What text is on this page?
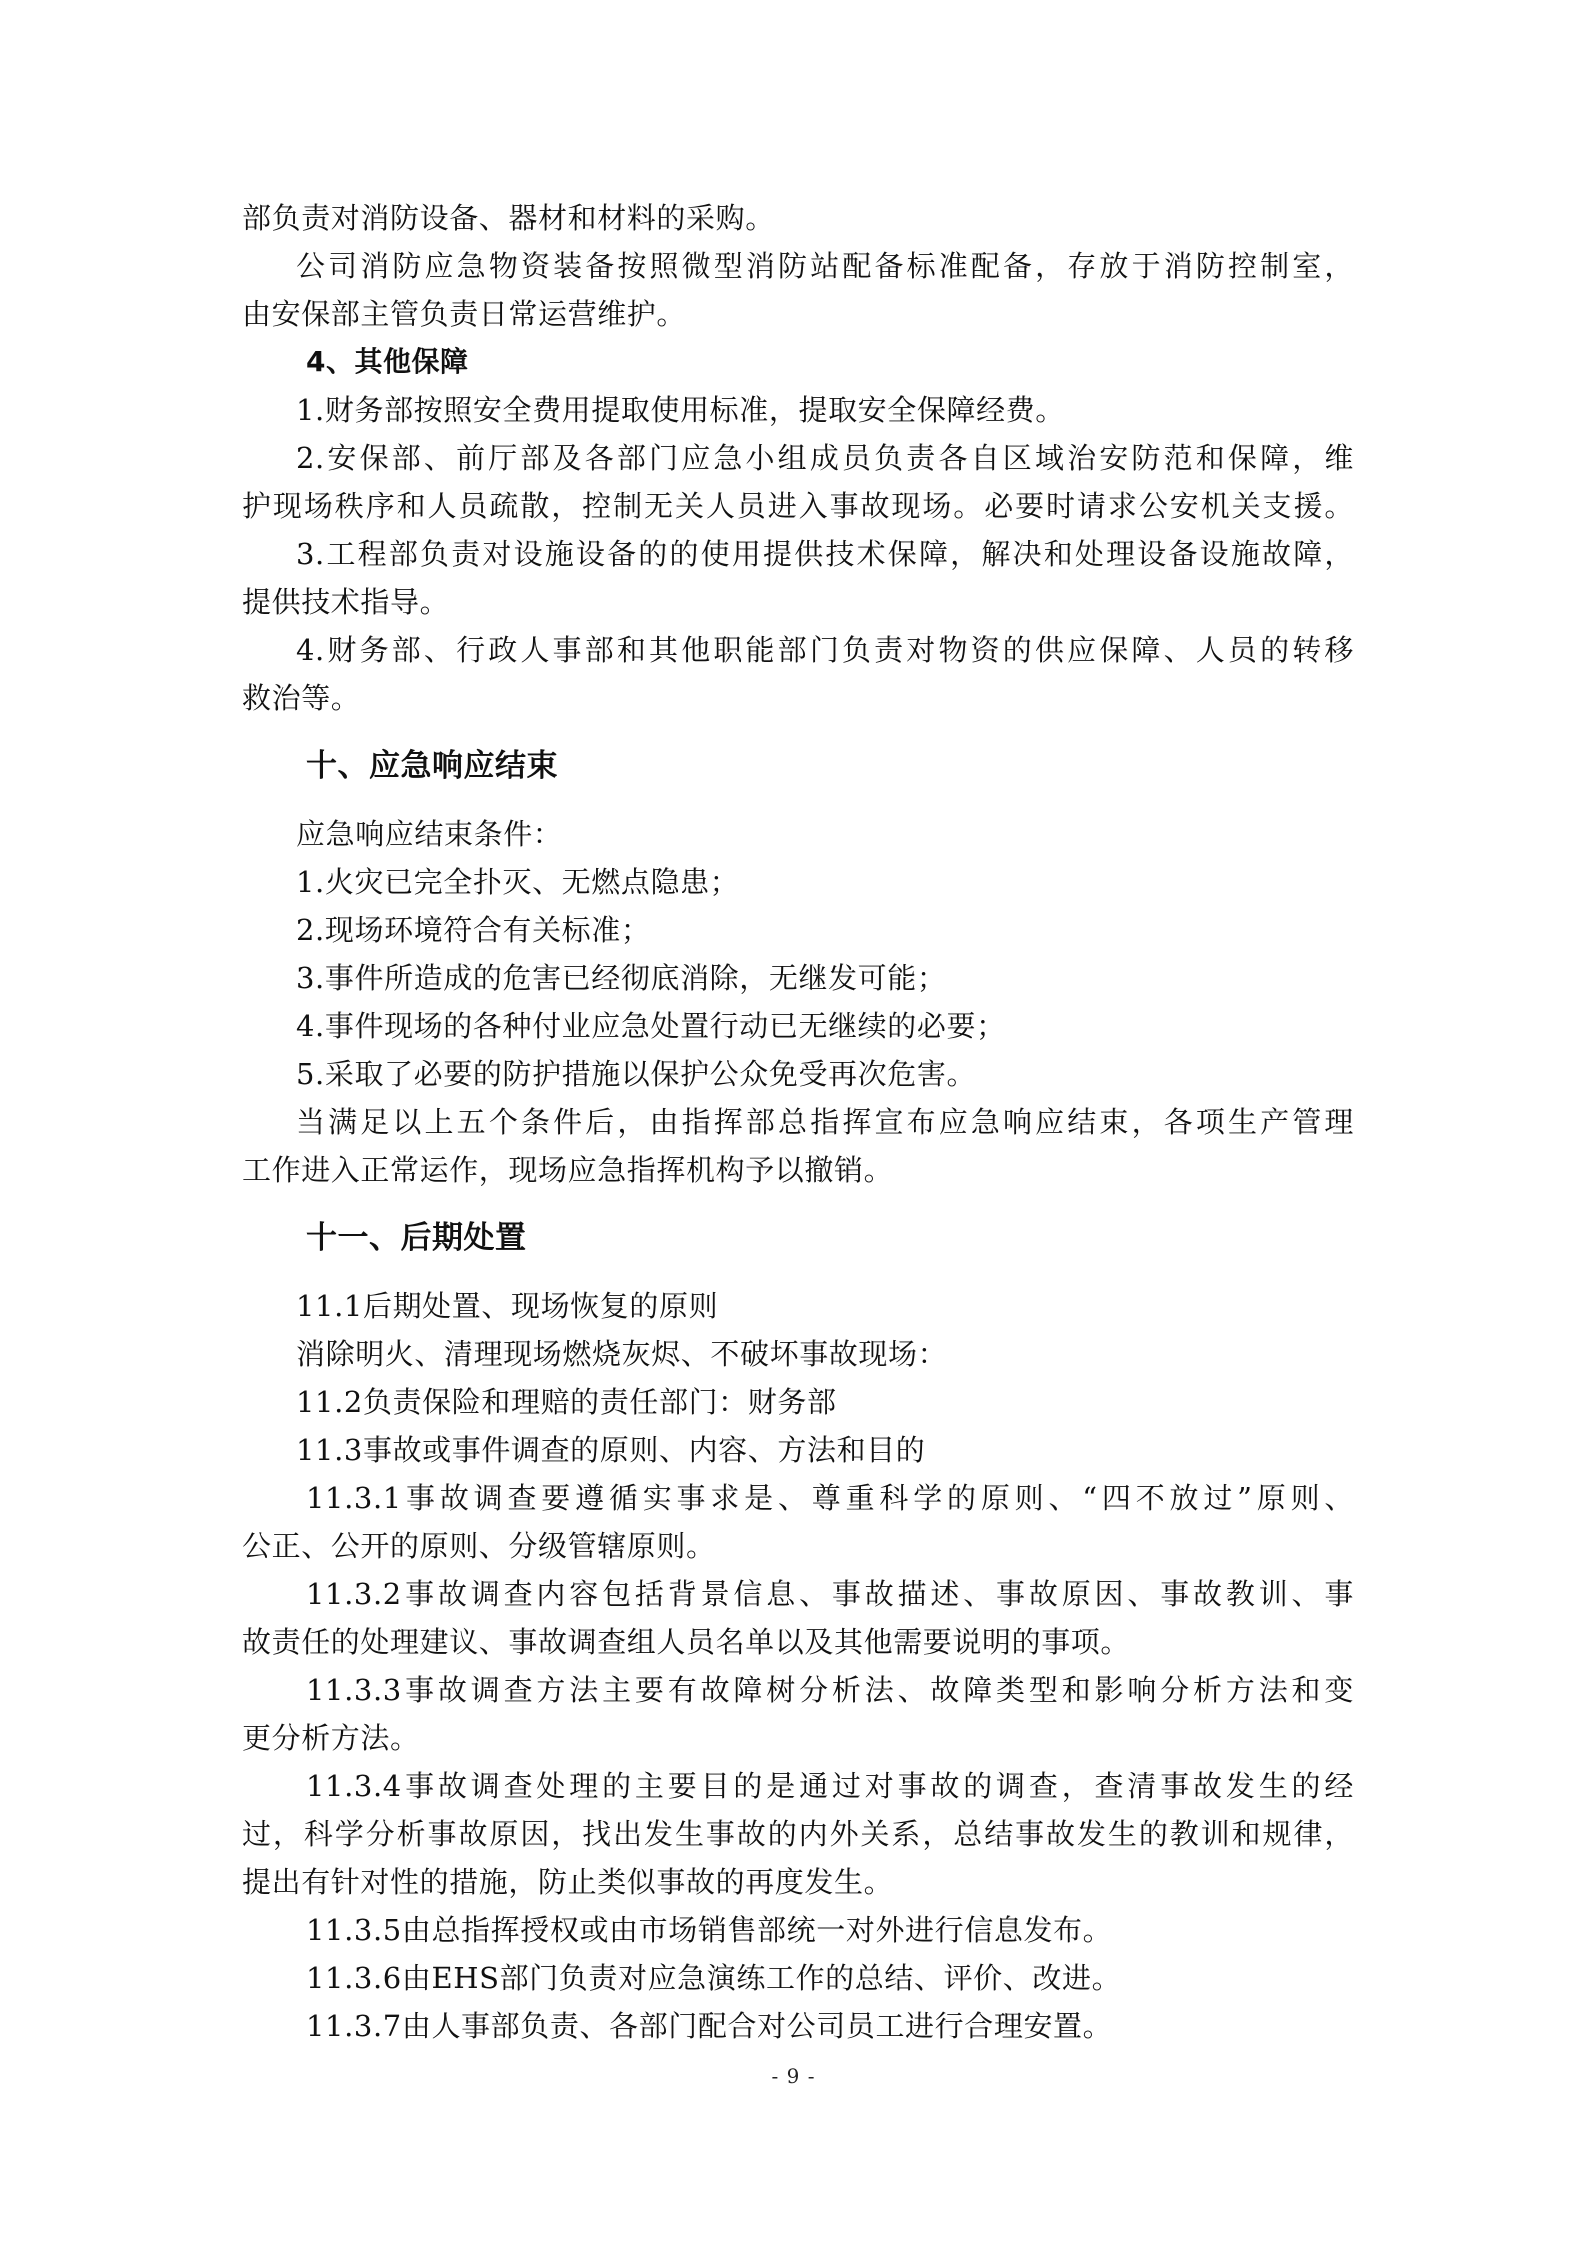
部负责对消防设备、器材和材料的采购。
公司消防应急物资装备按照微型消防站配备标准配备，存放于消防控制室，
由安保部主管负责日常运营维护。
4、其他保障
1.财务部按照安全费用提取使用标准，提取安全保障经费。
2.安保部、前厅部及各部门应急小组成员负责各自区域治安防范和保障，维
护现场秩序和人员疏散，控制无关人员进入事故现场。必要时请求公安机关支援。
3.工程部负责对设施设备的的使用提供技术保障，解决和处理设备设施故障，
提供技术指导。
4.财务部、行政人事部和其他职能部门负责对物资的供应保障、人员的转移
救治等。
十、应急响应结束
应急响应结束条件：
1.火灾已完全扑灭、无燃点隐患；
2.现场环境符合有关标准；
3.事件所造成的危害已经彻底消除，无继发可能；
4.事件现场的各种付业应急处置行动已无继续的必要；
5.采取了必要的防护措施以保护公众免受再次危害。
当满足以上五个条件后，由指挥部总指挥宣布应急响应结束，各项生产管理
工作进入正常运作，现场应急指挥机构予以撤销。
十一、后期处置
11.1后期处置、现场恢复的原则
消除明火、清理现场燃烧灰烬、不破坏事故现场：
11.2负责保险和理赔的责任部门：财务部
11.3事故或事件调查的原则、内容、方法和目的
11.3.1事故调查要遵循实事求是、尊重科学的原则、“四不放过”原则、
公正、公开的原则、分级管辖原则。
11.3.2事故调查内容包括背景信息、事故描述、事故原因、事故教训、事
故责任的处理建议、事故调查组人员名单以及其他需要说明的事项。
11.3.3事故调查方法主要有故障树分析法、故障类型和影响分析方法和变
更分析方法。
11.3.4事故调查处理的主要目的是通过对事故的调查，查清事故发生的经
过，科学分析事故原因，找出发生事故的内外关系，总结事故发生的教训和规律，
提出有针对性的措施，防止类似事故的再度发生。
11.3.5由总指挥授权或由市场销售部统一对外进行信息发布。
11.3.6由EHS部门负责对应急演练工作的总结、评价、改进。
11.3.7由人事部负责、各部门配合对公司员工进行合理安置。
- 9 -
